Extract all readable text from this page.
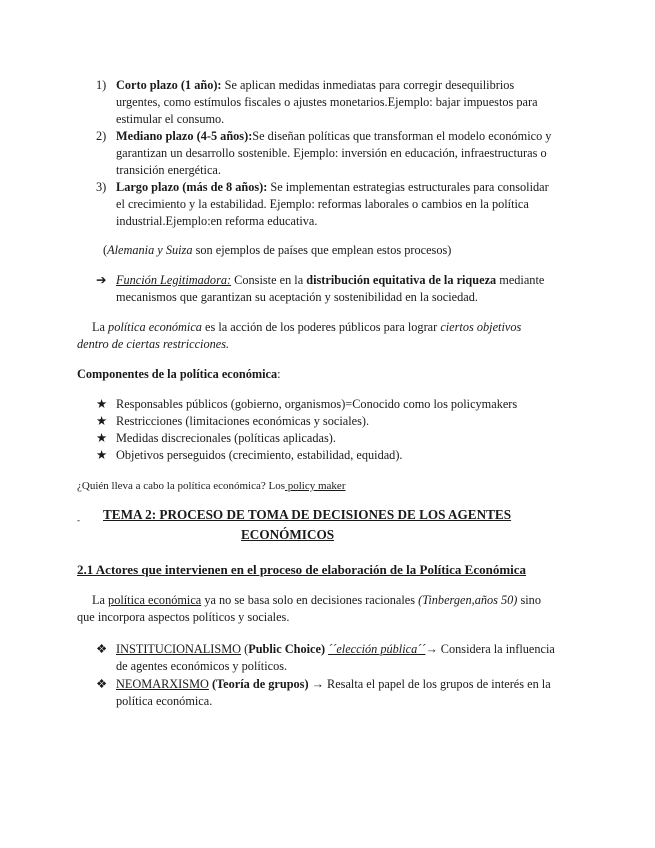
1) Corto plazo (1 año): Se aplican medidas inmediatas para corregir desequilibrios
urgentes, como estímulos fiscales o ajustes monetarios.Ejemplo: bajar impuestos para
estimular el consumo.
2) Mediano plazo (4-5 años):Se diseñan políticas que transforman el modelo económico y
garantizan un desarrollo sostenible. Ejemplo: inversión en educación, infraestructuras o
transición energética.
3) Largo plazo (más de 8 años): Se implementan estrategias estructurales para consolidar
el crecimiento y la estabilidad. Ejemplo: reformas laborales o cambios en la política
industrial.Ejemplo:en reforma educativa.
(Alemania y Suiza son ejemplos de países que emplean estos procesos)
➔ Función Legitimadora: Consiste en la distribución equitativa de la riqueza mediante
mecanismos que garantizan su aceptación y sostenibilidad en la sociedad.
La política económica es la acción de los poderes públicos para lograr ciertos objetivos
dentro de ciertas restricciones.
Componentes de la política económica:
★ Responsables públicos (gobierno, organismos)=Conocido como los policymakers
★ Restricciones (limitaciones económicas y sociales).
★ Medidas discrecionales (políticas aplicadas).
★ Objetivos perseguidos (crecimiento, estabilidad, equidad).
¿Quién lleva a cabo la política económica? Los policy maker
- TEMA 2: PROCESO DE TOMA DE DECISIONES DE LOS AGENTES
ECONÓMICOS
2.1 Actores que intervienen en el proceso de elaboración de la Política Económica
La política económica ya no se basa solo en decisiones racionales (Tinbergen,años 50) sino
que incorpora aspectos políticos y sociales.
❖ INSTITUCIONALISMO (Public Choice) ´´elección pública´´→ Considera la influencia
de agentes económicos y políticos.
❖ NEOMARXISMO (Teoría de grupos) → Resalta el papel de los grupos de interés en la
política económica.
